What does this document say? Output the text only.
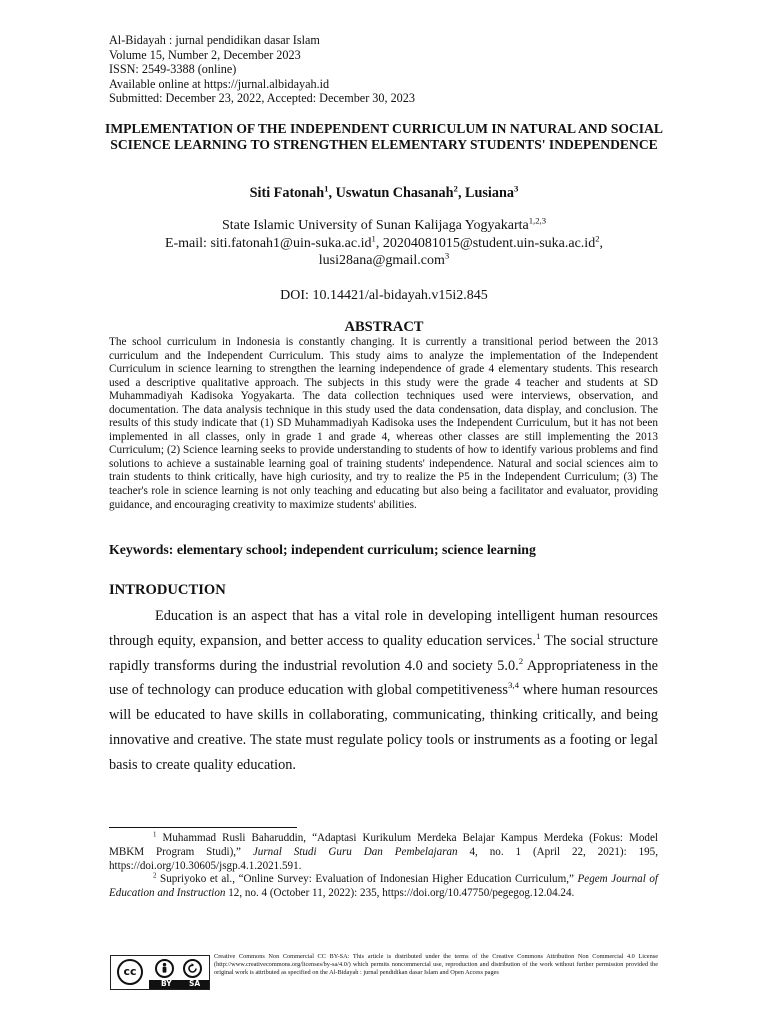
Al-Bidayah : jurnal pendidikan dasar Islam
Volume 15, Number 2, December 2023
ISSN: 2549-3388 (online)
Available online at https://jurnal.albidayah.id
Submitted: December 23, 2022, Accepted: December 30, 2023
IMPLEMENTATION OF THE INDEPENDENT CURRICULUM IN NATURAL AND SOCIAL SCIENCE LEARNING TO STRENGTHEN ELEMENTARY STUDENTS' INDEPENDENCE
Siti Fatonah$^1$, Uswatun Chasanah$^2$, Lusiana$^3$
State Islamic University of Sunan Kalijaga Yogyakarta$^{1,2,3}$
E-mail: $siti.fatonah1@uin-suka.ac.id^1$, $20204081015@student.uin-suka.ac.id^2$,
lusi28ana@gmail.com$^3$
DOI: 10.14421/al-bidayah.v15i2.845
ABSTRACT
The school curriculum in Indonesia is constantly changing. It is currently a transitional period between the 2013 curriculum and the Independent Curriculum. This study aims to analyze the implementation of the Independent Curriculum in science learning to strengthen the learning independence of grade 4 elementary students. This research used a descriptive qualitative approach. The subjects in this study were the grade 4 teacher and students at SD Muhammadiyah Kadisoka Yogyakarta. The data collection techniques used were interviews, observation, and documentation. The data analysis technique in this study used the data condensation, data display, and conclusion. The results of this study indicate that (1) SD Muhammadiyah Kadisoka uses the Independent Curriculum, but it has not been implemented in all classes, only in grade 1 and grade 4, whereas other classes are still implementing the 2013 Curriculum; (2) Science learning seeks to provide understanding to students of how to identify various problems and find solutions to achieve a sustainable learning goal of training students' independence. Natural and social sciences aim to train students to think critically, have high curiosity, and try to realize the P5 in the Independent Curriculum; (3) The teacher's role in science learning is not only teaching and educating but also being a facilitator and evaluator, providing guidance, and encouraging creativity to maximize students' abilities.
Keywords: elementary school; independent curriculum; science learning
INTRODUCTION
Education is an aspect that has a vital role in developing intelligent human resources through equity, expansion, and better access to quality education services.$^1$ The social structure rapidly transforms during the industrial revolution 4.0 and society 5.0.$^2$ Appropriateness in the use of technology can produce education with global competitiveness$^{3,4}$ where human resources will be educated to have skills in collaborating, communicating, thinking critically, and being innovative and creative. The state must regulate policy tools or instruments as a footing or legal basis to create quality education.

$^1$ Muhammad Rusli Baharuddin, “Adaptasi Kurikulum Merdeka Belajar Kampus Merdeka (Fokus: Model MBKM Program Studi),” Jurnal Studi Guru Dan Pembelajaran 4, no. 1 (April 22, 2021): 195, https://doi.org/10.30605/jsgp.4.1.2021.591.

$^2$ Supriyoko et al., “Online Survey: Evaluation of Indonesian Higher Education Curriculum,” Pegem Journal of Education and Instruction 12, no. 4 (October 11, 2022): 235, https://doi.org/10.47750/pegegog.12.04.24.

cc
BY SA
Creative Commons Non Commercial CC BY-SA: This article is distributed under the terms of the Creative Commons Attribution Non Commercial 4.0 License (http://www.creativecommons.org/licenses/by-sa/4.0/) which permits noncommercial use, reproduction and distribution of the work without further permission provided the original work is attributed as specified on the Al-Bidayah : jurnal pendidikan dasar Islam and Open Access pages
